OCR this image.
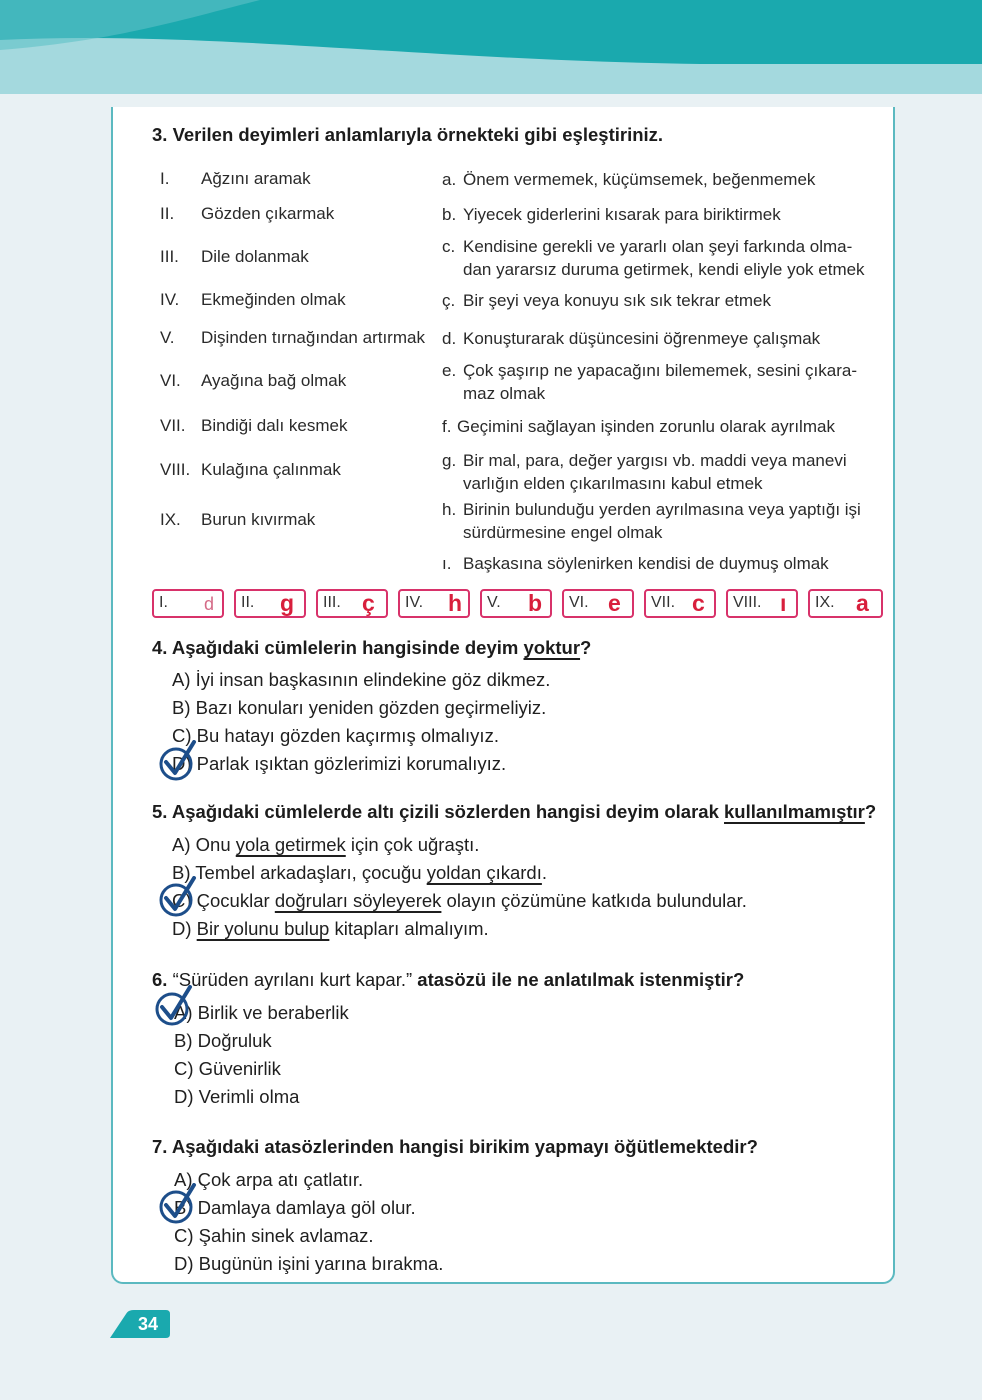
3. Verilen deyimleri anlamlarıyla örnekteki gibi eşleştiriniz.
I. Ağzını aramak
II. Gözden çıkarmak
III. Dile dolanmak
IV. Ekmeğinden olmak
V. Dişinden tırnağından artırmak
VI. Ayağına bağ olmak
VII. Bindiği dalı kesmek
VIII. Kulağına çalınmak
IX. Burun kıvırmak
a. Önem vermemek, küçümsemek, beğenmemek
b. Yiyecek giderlerini kısarak para biriktirmek
c. Kendisine gerekli ve yararlı olan şeyi farkında olma-
dan yararsız duruma getirmek, kendi eliyle yok etmek
ç. Bir şeyi veya konuyu sık sık tekrar etmek
d. Konuşturarak düşüncesini öğrenmeye çalışmak
e. Çok şaşırıp ne yapacağını bilememek, sesini çıkara-
maz olmak
f. Geçimini sağlayan işinden zorunlu olarak ayrılmak
g. Bir mal, para, değer yargısı vb. maddi veya manevi
varlığın elden çıkarılmasını kabul etmek
h. Birinin bulunduğu yerden ayrılmasına veya yaptığı işi
sürdürmesine engel olmak
ı. Başkasına söylenirken kendisi de duymuş olmak
I. d II. g III. ç IV. h V. b VI. e VII. c VIII. ı IX. a
4. Aşağıdaki cümlelerin hangisinde deyim yoktur?
A) İyi insan başkasının elindekine göz dikmez.
B) Bazı konuları yeniden gözden geçirmeliyiz.
C) Bu hatayı gözden kaçırmış olmalıyız.
D) Parlak ışıktan gözlerimizi korumalıyız.
5. Aşağıdaki cümlelerde altı çizili sözlerden hangisi deyim olarak kullanılmamıştır?
A) Onu yola getirmek için çok uğraştı.
B) Tembel arkadaşları, çocuğu yoldan çıkardı.
C) Çocuklar doğruları söyleyerek olayın çözümüne katkıda bulundular.
D) Bir yolunu bulup kitapları almalıyım.
6. “Sürüden ayrılanı kurt kapar.” atasözü ile ne anlatılmak istenmiştir?
A) Birlik ve beraberlik
B) Doğruluk
C) Güvenirlik
D) Verimli olma
7. Aşağıdaki atasözlerinden hangisi birikim yapmayı öğütlemektedir?
A) Çok arpa atı çatlatır.
B) Damlaya damlaya göl olur.
C) Şahin sinek avlamaz.
D) Bugünün işini yarına bırakma.
34
